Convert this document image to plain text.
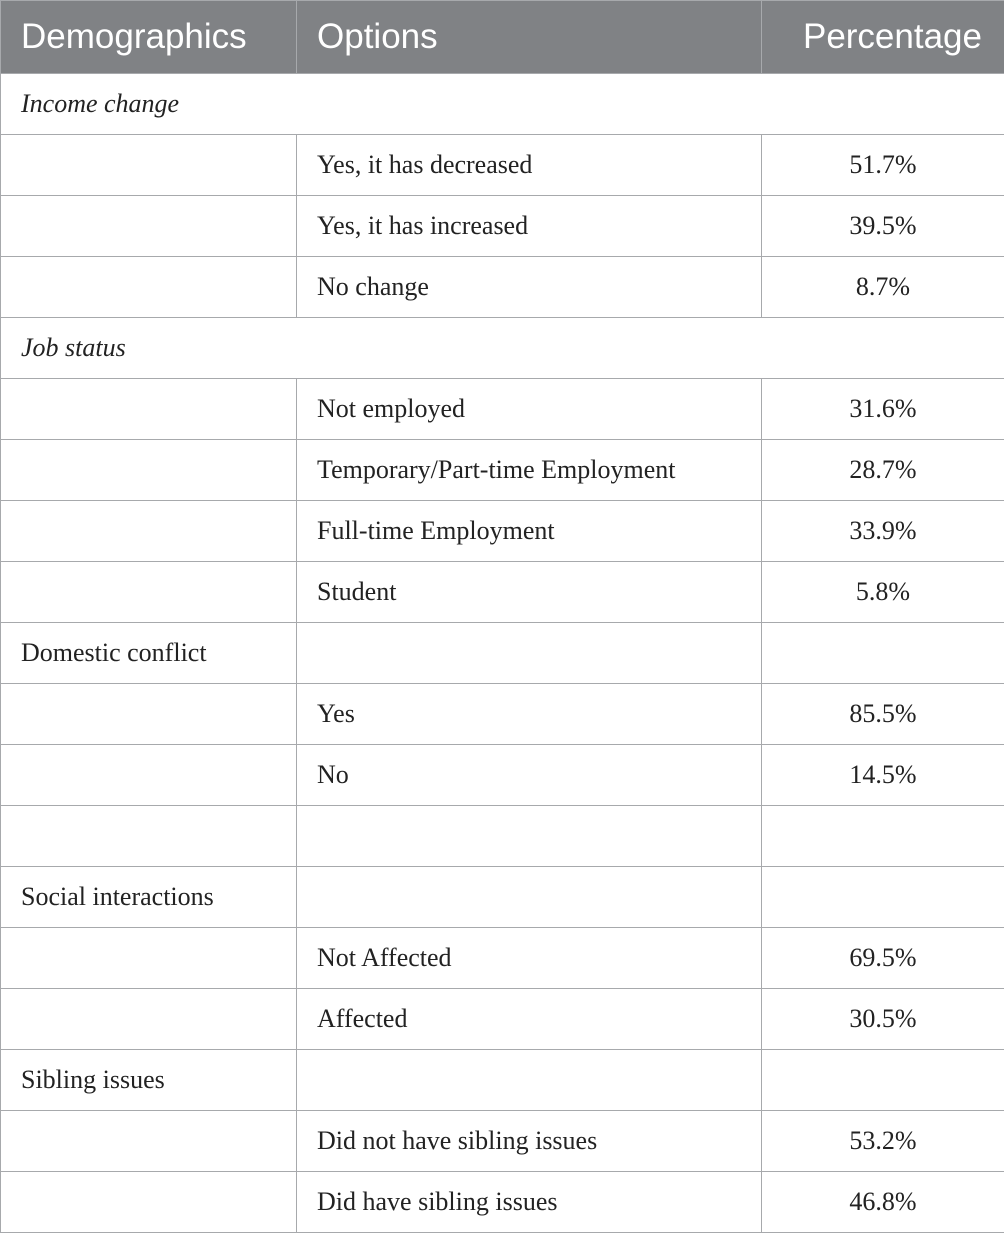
Demographics	Options	Percentage
Income change		
	Yes, it has decreased	51.7%
	Yes, it has increased	39.5%
	No change	8.7%
Job status		
	Not employed	31.6%
	Temporary/Part-time Employment	28.7%
	Full-time Employment	33.9%
	Student	5.8%
Domestic conflict		
	Yes	85.5%
	No	14.5%

Social interactions		
	Not Affected	69.5%
	Affected	30.5%
Sibling issues		
	Did not have sibling issues	53.2%
	Did have sibling issues	46.8%
